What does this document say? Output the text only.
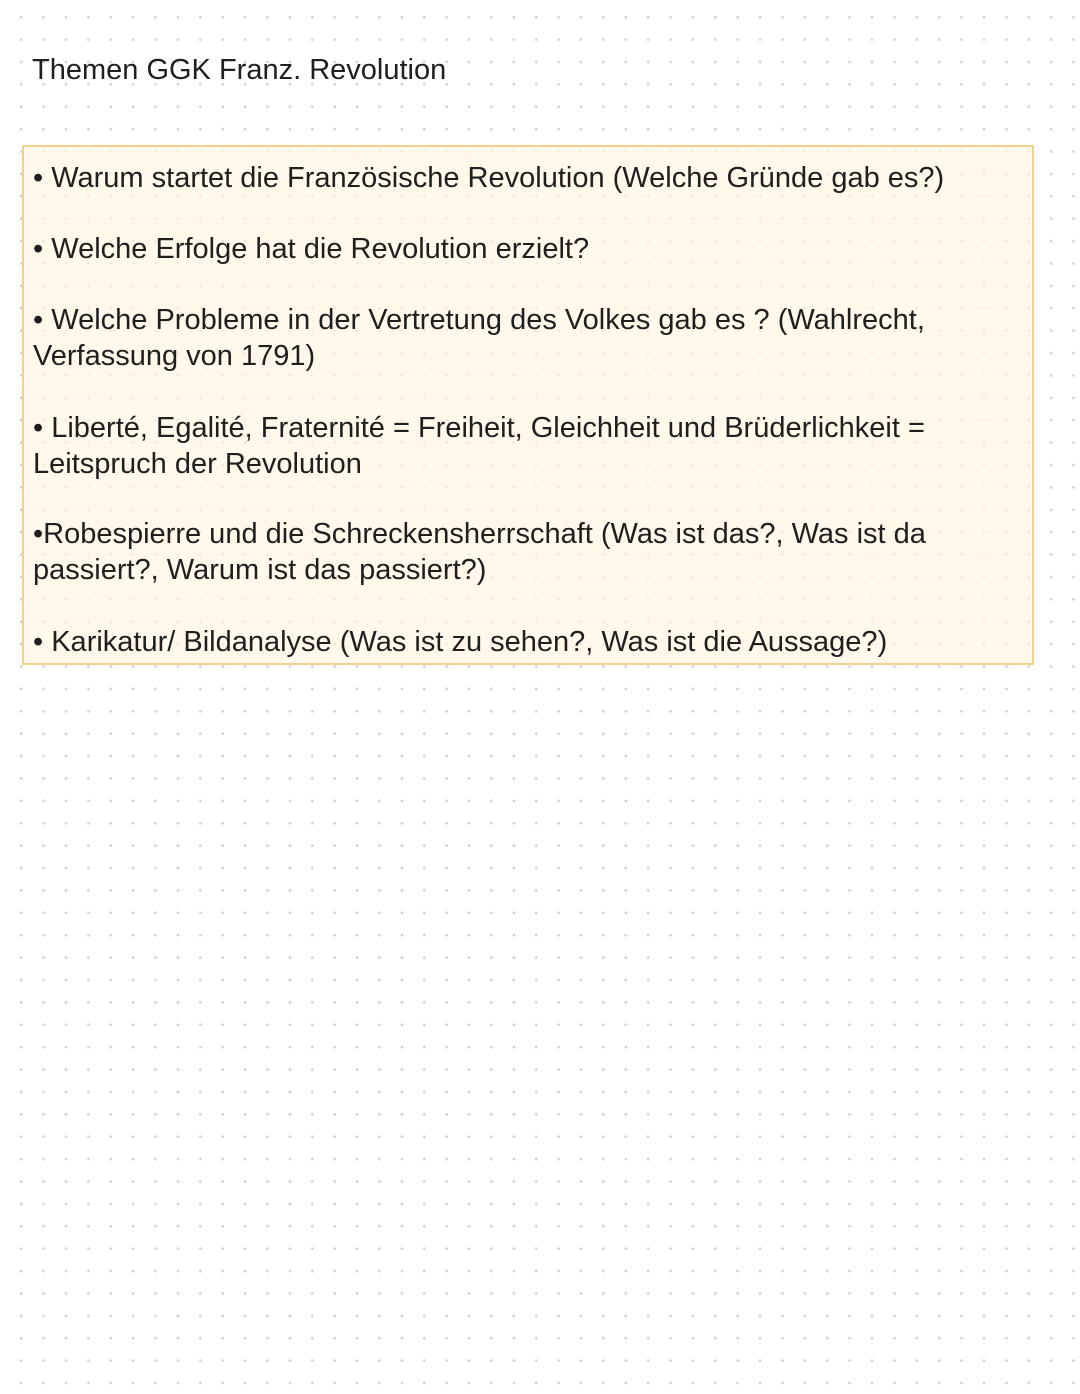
Themen GGK Franz. Revolution
• Warum startet die Französische Revolution (Welche Gründe gab es?)
• Welche Erfolge hat die Revolution erzielt?
• Welche Probleme in der Vertretung des Volkes gab es ? (Wahlrecht, Verfassung von 1791)
• Liberté, Egalité, Fraternité = Freiheit, Gleichheit und Brüderlichkeit = Leitspruch der Revolution
•Robespierre und die Schreckensherrschaft (Was ist das?, Was ist da passiert?, Warum ist das passiert?)
• Karikatur/ Bildanalyse (Was ist zu sehen?, Was ist die Aussage?)
